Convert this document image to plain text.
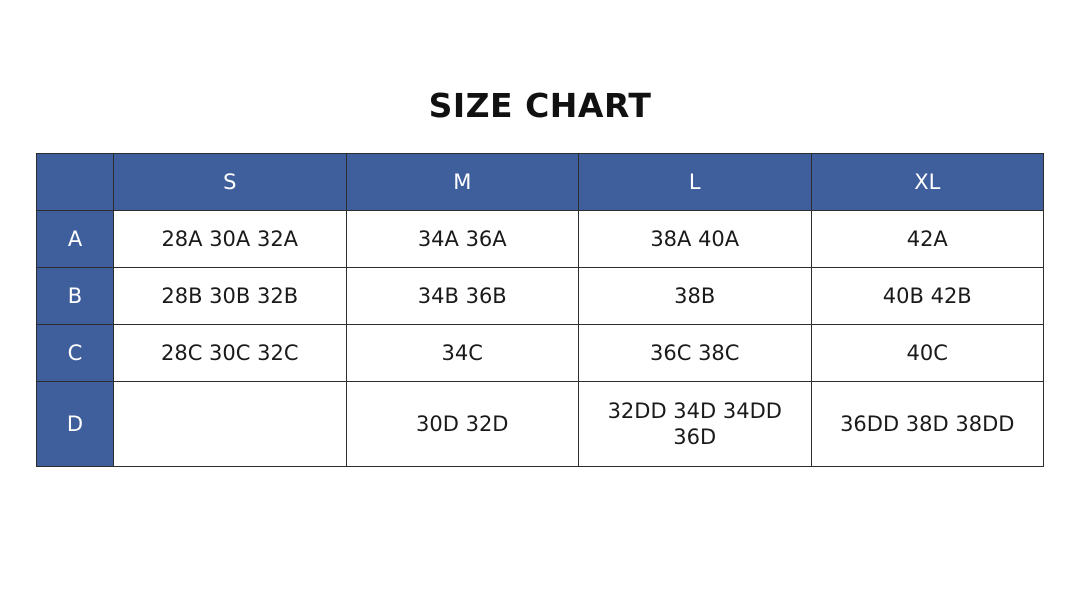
SIZE CHART
	S	M	L	XL
A	28A 30A 32A	34A 36A	38A 40A	42A
B	28B 30B 32B	34B 36B	38B	40B 42B
C	28C 30C 32C	34C	36C 38C	40C
D		30D 32D	32DD 34D 34DD 36D	36DD 38D 38DD
